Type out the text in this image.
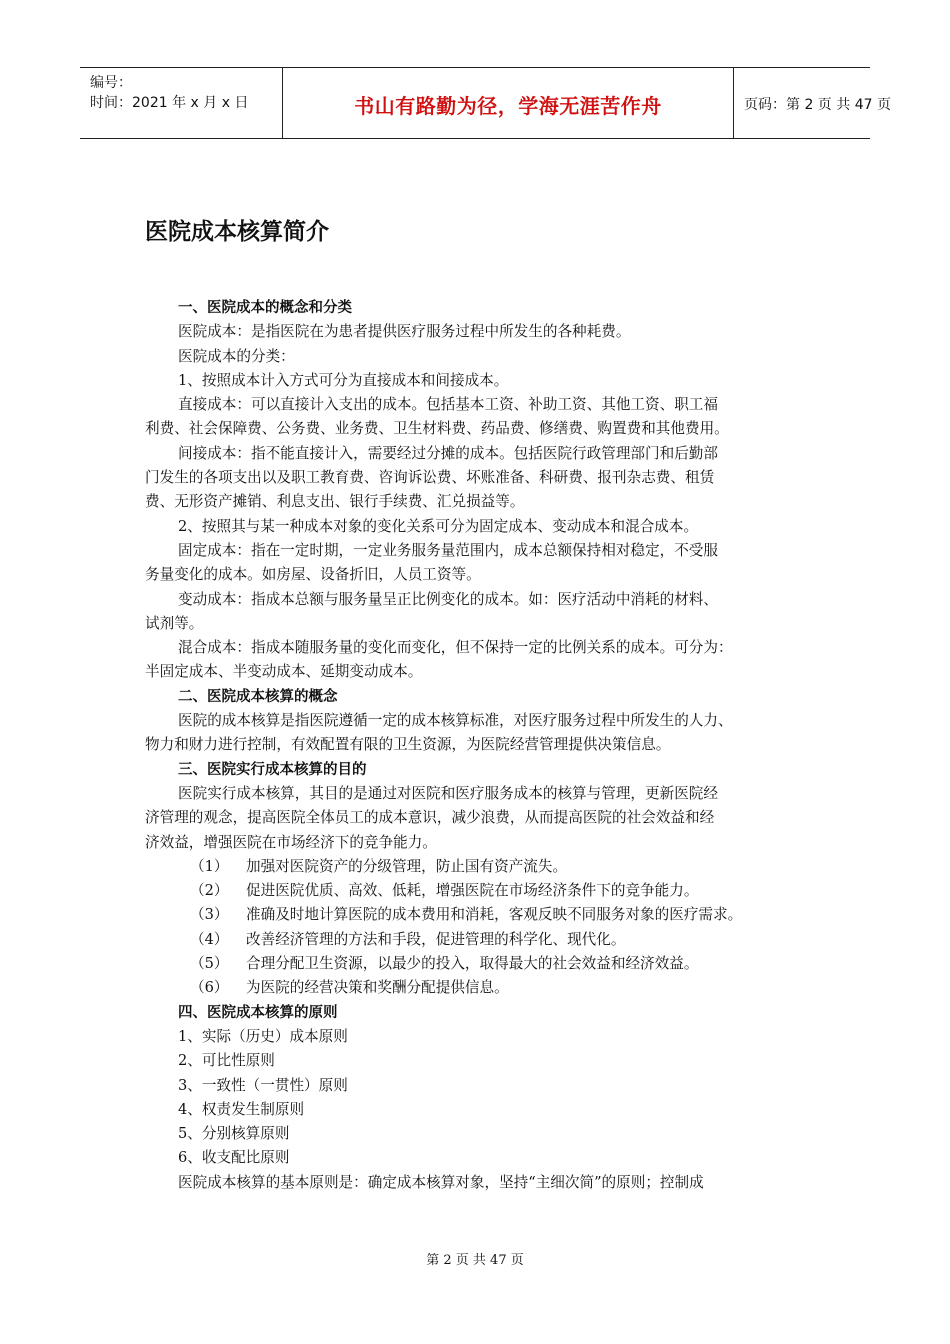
编号：
时间：2021 年 x 月 x 日	书山有路勤为径，学海无涯苦作舟	页码：第 2 页 共 47 页
医院成本核算简介

一、医院成本的概念和分类

医院成本：是指医院在为患者提供医疗服务过程中所发生的各种耗费。

医院成本的分类：

1、按照成本计入方式可分为直接成本和间接成本。

直接成本：可以直接计入支出的成本。包括基本工资、补助工资、其他工资、职工福

利费、社会保障费、公务费、业务费、卫生材料费、药品费、修缮费、购置费和其他费用。

间接成本：指不能直接计入，需要经过分摊的成本。包括医院行政管理部门和后勤部

门发生的各项支出以及职工教育费、咨询诉讼费、坏账准备、科研费、报刊杂志费、租赁

费、无形资产摊销、利息支出、银行手续费、汇兑损益等。

2、按照其与某一种成本对象的变化关系可分为固定成本、变动成本和混合成本。

固定成本：指在一定时期，一定业务服务量范围内，成本总额保持相对稳定，不受服

务量变化的成本。如房屋、设备折旧，人员工资等。

变动成本：指成本总额与服务量呈正比例变化的成本。如：医疗活动中消耗的材料、

试剂等。

混合成本：指成本随服务量的变化而变化，但不保持一定的比例关系的成本。可分为：

半固定成本、半变动成本、延期变动成本。

二、医院成本核算的概念

医院的成本核算是指医院遵循一定的成本核算标准，对医疗服务过程中所发生的人力、

物力和财力进行控制，有效配置有限的卫生资源，为医院经营管理提供决策信息。

三、医院实行成本核算的目的

医院实行成本核算，其目的是通过对医院和医疗服务成本的核算与管理，更新医院经

济管理的观念，提高医院全体员工的成本意识，减少浪费，从而提高医院的社会效益和经

济效益，增强医院在市场经济下的竞争能力。

（1） 加强对医院资产的分级管理，防止国有资产流失。

（2） 促进医院优质、高效、低耗，增强医院在市场经济条件下的竞争能力。

（3） 准确及时地计算医院的成本费用和消耗，客观反映不同服务对象的医疗需求。

（4） 改善经济管理的方法和手段，促进管理的科学化、现代化。

（5） 合理分配卫生资源，以最少的投入，取得最大的社会效益和经济效益。

（6） 为医院的经营决策和奖酬分配提供信息。

四、医院成本核算的原则

1、实际（历史）成本原则

2、可比性原则

3、一致性（一贯性）原则

4、权责发生制原则

5、分别核算原则

6、收支配比原则

医院成本核算的基本原则是：确定成本核算对象，坚持“主细次简”的原则；控制成

第 2 页 共 47 页
